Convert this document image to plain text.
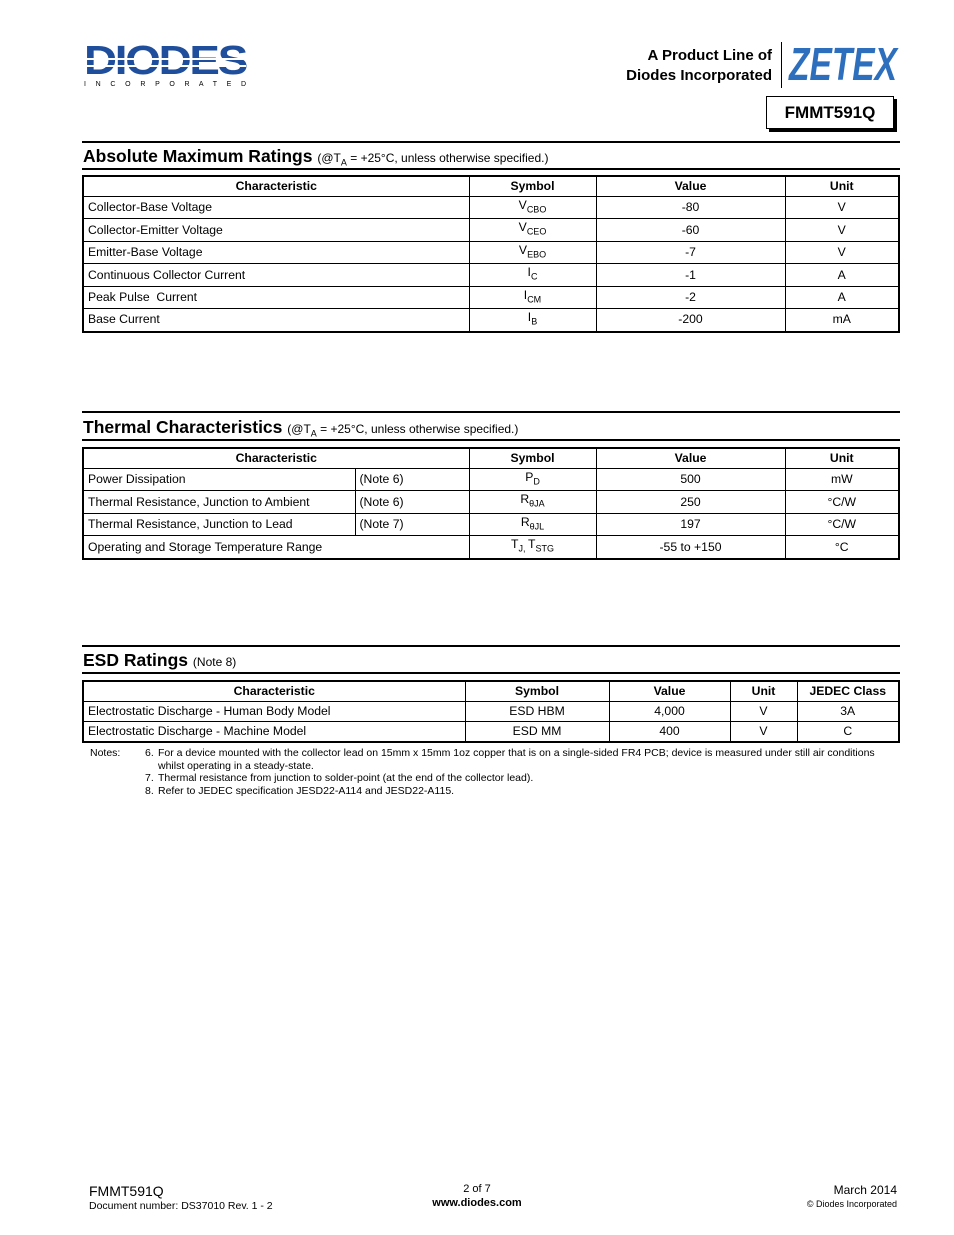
I N C O R P O R A T E D
A Product Line of
Diodes Incorporated ZETEX
FMMT591Q
Absolute Maximum Ratings ($@T_A = +25^\circ C$, unless otherwise specified.)
Characteristic	Symbol	Value	Unit
Collector-Base Voltage	$V_{CBO}$	-80	V
Collector-Emitter Voltage	$V_{CEO}$	-60	V
Emitter-Base Voltage	$V_{EBO}$	-7	V
Continuous Collector Current	$I_C$	-1	A
Peak Pulse  Current	$I_{CM}$	-2	A
Base Current	$I_B$	-200	mA
Thermal Characteristics ($@T_A = +25^\circ C$, unless otherwise specified.)
Characteristic		Symbol	Value	Unit
Power Dissipation	(Note 6)	$P_D$	500	mW
Thermal Resistance, Junction to Ambient	(Note 6)	$R_{\theta JA}$	250	°C/W
Thermal Resistance, Junction to Lead	(Note 7)	$R_{\theta JL}$	197	°C/W
Operating and Storage Temperature Range		$T_{J,}$ $T_{STG}$	-55 to +150	°C
ESD Ratings (Note 8)
Characteristic	Symbol	Value	Unit	JEDEC Class
Electrostatic Discharge - Human Body Model	ESD HBM	4,000	V	3A
Electrostatic Discharge - Machine Model	ESD MM	400	V	C
Notes: 6. For a device mounted with the collector lead on 15mm x 15mm 1oz copper that is on a single-sided FR4 PCB; device is measured under still air conditions whilst operating in a steady-state.
7. Thermal resistance from junction to solder-point (at the end of the collector lead).
8. Refer to JEDEC specification JESD22-A114 and JESD22-A115.
FMMT591Q
Document number: DS37010 Rev. 1 - 2
2 of 7
www.diodes.com
March 2014
© Diodes Incorporated
